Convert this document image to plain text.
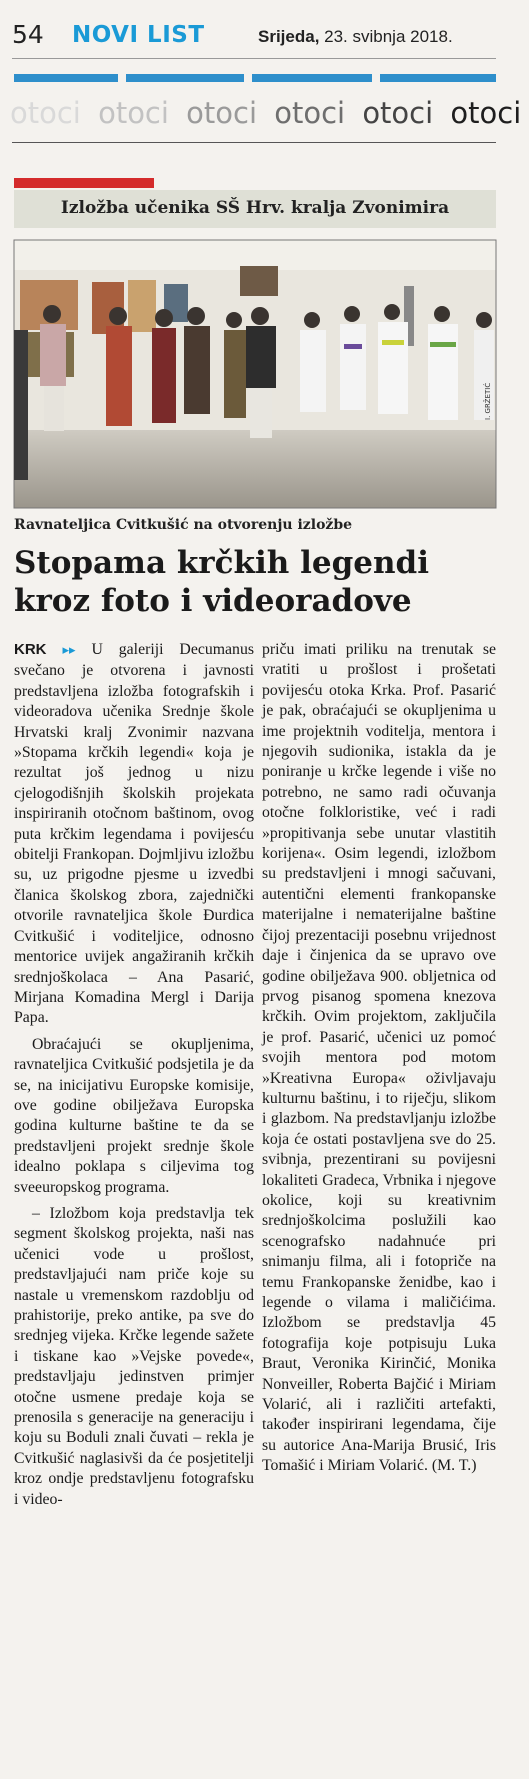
54 NOVI LIST	Srijeda, 23. svibnja 2018.
otoci otoci otoci otoci otoci otoci
Izložba učenika SŠ Hrv. kralja Zvonimira
I. GRŽETIĆ
Ravnateljica Cvitkušić na otvorenju izložbe
Stopama krčkih legendi
kroz foto i videoradove

KRK ▸▸ U galeriji Decumanus svečano je otvorena i javnosti predstavljena izložba fotografskih i videoradova učenika Srednje škole Hrvatski kralj Zvonimir nazvana »Stopama krčkih legendi« koja je rezultat još jednog u nizu cjelogodišnjih školskih projekata inspiriranih otočnom baštinom, ovog puta krčkim legendama i povijesću obitelji Frankopan. Dojmljivu izložbu su, uz prigodne pjesme u izvedbi članica školskog zbora, zajednički otvorile ravnateljica škole Đurdica Cvitkušić i voditeljice, odnosno mentorice uvijek angažiranih krčkih srednjoškolaca – Ana Pasarić, Mirjana Komadina Mergl i Darija Papa.

Obraćajući se okupljenima, ravnateljica Cvitkušić podsjetila je da se, na inicijativu Europske komisije, ove godine obilježava Europska godina kulturne baštine te da se predstavljeni projekt srednje škole idealno poklapa s ciljevima tog sveeuropskog programa.

– Izložbom koja predstavlja tek segment školskog projekta, naši nas učenici vode u prošlost, predstavljajući nam priče koje su nastale u vremenskom razdoblju od prahistorije, preko antike, pa sve do srednjeg vijeka. Krčke legende sažete i tiskane kao »Vejske povede«, predstavljaju jedinstven primjer otočne usmene predaje koja se prenosila s generacije na generaciju i koju su Boduli znali čuvati – rekla je Cvitkušić naglasivši da će posjetitelji kroz ondje predstavljenu fotografsku i video-

priču imati priliku na trenutak se vratiti u prošlost i prošetati povijesću otoka Krka. Prof. Pasarić je pak, obraćajući se okupljenima u ime projektnih voditelja, mentora i njegovih sudionika, istakla da je poniranje u krčke legende i više no potrebno, ne samo radi očuvanja otočne folkloristike, već i radi »propitivanja sebe unutar vlastitih korijena«. Osim legendi, izložbom su predstavljeni i mnogi sačuvani, autentični elementi frankopanske materijalne i nematerijalne baštine čijoj prezentaciji posebnu vrijednost daje i činjenica da se upravo ove godine obilježava 900. obljetnica od prvog pisanog spomena knezova krčkih. Ovim projektom, zaključila je prof. Pasarić, učenici uz pomoć svojih mentora pod motom »Kreativna Europa« oživljavaju kulturnu baštinu, i to riječju, slikom i glazbom. Na predstavljanju izložbe koja će ostati postavljena sve do 25. svibnja, prezentirani su povijesni lokaliteti Gradeca, Vrbnika i njegove okolice, koji su kreativnim srednjoškolcima poslužili kao scenografsko nadahnuće pri snimanju filma, ali i fotopriče na temu Frankopanske ženidbe, kao i legende o vilama i maličićima. Izložbom se predstavlja 45 fotografija koje potpisuju Luka Braut, Veronika Kirinčić, Monika Nonveiller, Roberta Bajčić i Miriam Volarić, ali i različiti artefakti, također inspirirani legendama, čije su autorice Ana-Marija Brusić, Iris Tomašić i Miriam Volarić. (M. T.)
